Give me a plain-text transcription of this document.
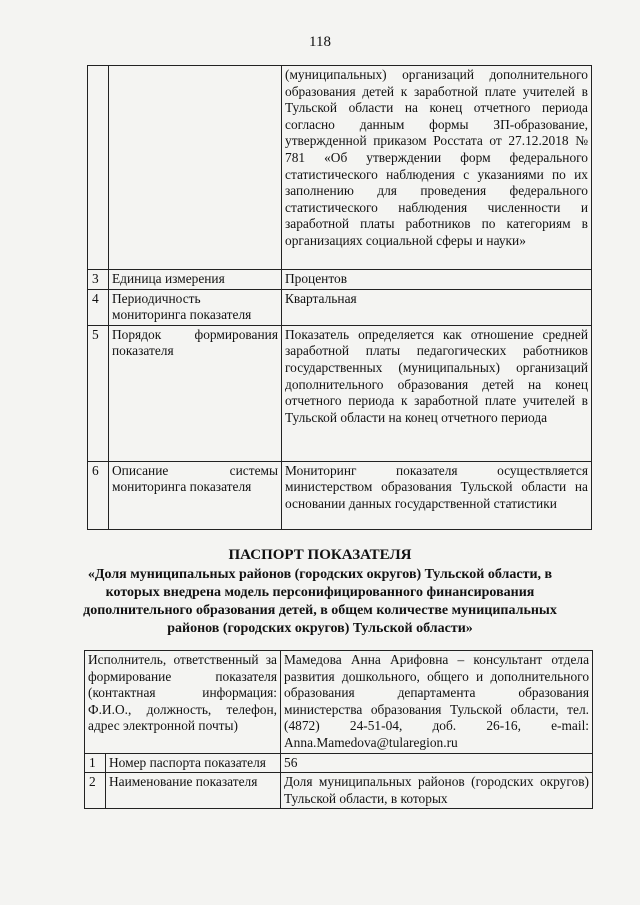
118
		(муниципальных) организаций дополнительного образования детей к заработной плате учителей в Тульской области на конец отчетного периода согласно данным формы ЗП-образование, утвержденной приказом Росстата от 27.12.2018 № 781 «Об утверждении форм федерального статистического наблюдения с указаниями по их заполнению для проведения федерального статистического наблюдения численности и заработной платы работников по категориям в организациях социальной сферы и науки»
3	Единица измерения	Процентов
4	Периодичность мониторинга показателя	Квартальная
5	Порядок формирования показателя	Показатель определяется как отношение средней заработной платы педагогических работников государственных (муниципальных) организаций дополнительного образования детей на конец отчетного периода к заработной плате учителей в Тульской области на конец отчетного периода
6	Описание системы мониторинга показателя	Мониторинг показателя осуществляется министерством образования Тульской области на основании данных государственной статистики
ПАСПОРТ ПОКАЗАТЕЛЯ
«Доля муниципальных районов (городских округов) Тульской области, в которых внедрена модель персонифицированного финансирования дополнительного образования детей, в общем количестве муниципальных районов (городских округов) Тульской области»
Исполнитель, ответственный за формирование показателя (контактная информация: Ф.И.О., должность, телефон, адрес электронной почты)		Мамедова Анна Арифовна – консультант отдела развития дошкольного, общего и дополнительного образования департамента образования министерства образования Тульской области, тел. (4872) 24-51-04, доб. 26-16, e-mail: Anna.Mamedova@tularegion.ru
1	Номер паспорта показателя	56
2	Наименование показателя	Доля муниципальных районов (городских округов) Тульской области, в которых
